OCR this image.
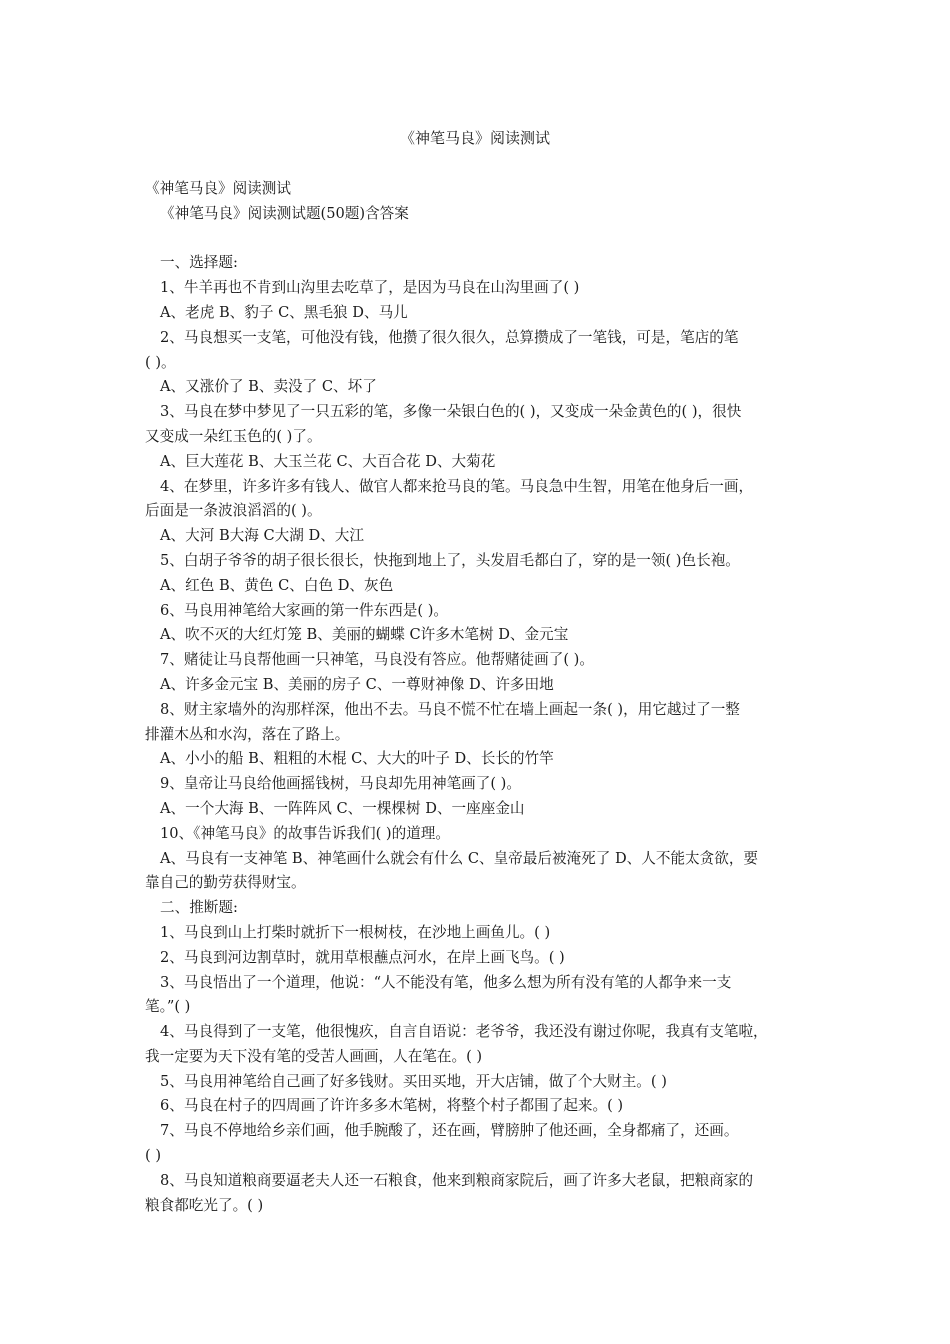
《神笔马良》阅读测试
《神笔马良》阅读测试
《神笔马良》阅读测试题(50题)含答案
一、选择题:
1、牛羊再也不肯到山沟里去吃草了，是因为马良在山沟里画了( )
A、老虎 B、豹子 C、黑毛狼 D、马儿
2、马良想买一支笔，可他没有钱，他攒了很久很久，总算攒成了一笔钱，可是，笔店的笔
( )。
A、又涨价了 B、卖没了 C、坏了
3、马良在梦中梦见了一只五彩的笔，多像一朵银白色的( )，又变成一朵金黄色的( )，很快
又变成一朵红玉色的( )了。
A、巨大莲花 B、大玉兰花 C、大百合花 D、大菊花
4、在梦里，许多许多有钱人、做官人都来抢马良的笔。马良急中生智，用笔在他身后一画，
后面是一条波浪滔滔的( )。
A、大河 B大海 C大湖 D、大江
5、白胡子爷爷的胡子很长很长，快拖到地上了，头发眉毛都白了，穿的是一领( )色长袍。
A、红色 B、黄色 C、白色 D、灰色
6、马良用神笔给大家画的第一件东西是( )。
A、吹不灭的大红灯笼 B、美丽的蝴蝶 C许多木笔树 D、金元宝
7、赌徒让马良帮他画一只神笔，马良没有答应。他帮赌徒画了( )。
A、许多金元宝 B、美丽的房子 C、一尊财神像 D、许多田地
8、财主家墙外的沟那样深，他出不去。马良不慌不忙在墙上画起一条( )，用它越过了一整
排灌木丛和水沟，落在了路上。
A、小小的船 B、粗粗的木棍 C、大大的叶子 D、长长的竹竿
9、皇帝让马良给他画摇钱树，马良却先用神笔画了( )。
A、一个大海 B、一阵阵风 C、一棵棵树 D、一座座金山
10、《神笔马良》的故事告诉我们( )的道理。
A、马良有一支神笔 B、神笔画什么就会有什么 C、皇帝最后被淹死了 D、人不能太贪欲，要
靠自己的勤劳获得财宝。
二、推断题:
1、马良到山上打柴时就折下一根树枝，在沙地上画鱼儿。( )
2、马良到河边割草时，就用草根蘸点河水，在岸上画飞鸟。( )
3、马良悟出了一个道理，他说：“人不能没有笔，他多么想为所有没有笔的人都争来一支
笔。”( )
4、马良得到了一支笔，他很愧疚，自言自语说：老爷爷，我还没有谢过你呢，我真有支笔啦，
我一定要为天下没有笔的受苦人画画，人在笔在。( )
5、马良用神笔给自己画了好多钱财。买田买地，开大店铺，做了个大财主。( )
6、马良在村子的四周画了许许多多木笔树，将整个村子都围了起来。( )
7、马良不停地给乡亲们画，他手腕酸了，还在画，臂膀肿了他还画，全身都痛了，还画。
( )
8、马良知道粮商要逼老夫人还一石粮食，他来到粮商家院后，画了许多大老鼠，把粮商家的
粮食都吃光了。( )
